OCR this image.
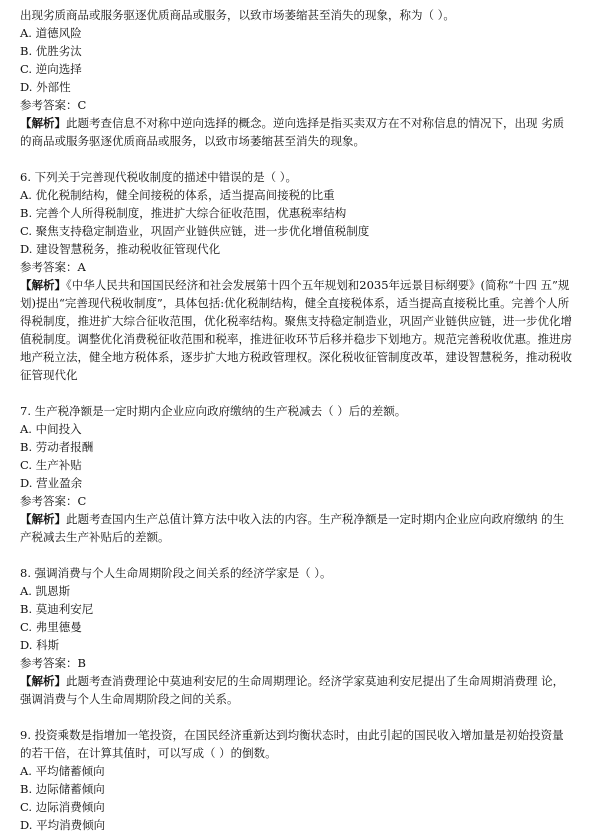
出现劣质商品或服务驱逐优质商品或服务，以致市场萎缩甚至消失的现象，称为（ ）。
A. 道德风险
B. 优胜劣汰
C. 逆向选择
D. 外部性
参考答案：C
【解析】此题考查信息不对称中逆向选择的概念。逆向选择是指买卖双方在不对称信息的情况下，出现 劣质的商品或服务驱逐优质商品或服务，以致市场萎缩甚至消失的现象。
6. 下列关于完善现代税收制度的描述中错误的是（ ）。
A. 优化税制结构，健全间接税的体系，适当提高间接税的比重
B. 完善个人所得税制度，推进扩大综合征收范围，优惠税率结构
C. 聚焦支持稳定制造业，巩固产业链供应链，进一步优化增值税制度
D. 建设智慧税务，推动税收征管现代化
参考答案：A
【解析】《中华人民共和国国民经济和社会发展第十四个五年规划和2035年远景目标纲要》(简称“十四 五”规划)提出“完善现代税收制度”，具体包括:优化税制结构，健全直接税体系，适当提高直接税比重。完善个人所得税制度，推进扩大综合征收范围，优化税率结构。聚焦支持稳定制造业，巩固产业链供应链，进一步优化增值税制度。调整优化消费税征收范围和税率，推进征收环节后移并稳步下划地方。规范完善税收优惠。推进房地产税立法，健全地方税体系，逐步扩大地方税政管理权。深化税收征管制度改革，建设智慧税务，推动税收征管现代化
7. 生产税净额是一定时期内企业应向政府缴纳的生产税减去（ ）后的差额。
A. 中间投入
B. 劳动者报酬
C. 生产补贴
D. 营业盈余
参考答案：C
【解析】此题考查国内生产总值计算方法中收入法的内容。生产税净额是一定时期内企业应向政府缴纳 的生产税减去生产补贴后的差额。
8. 强调消费与个人生命周期阶段之间关系的经济学家是（ ）。
A. 凯恩斯
B. 莫迪利安尼
C. 弗里德曼
D. 科斯
参考答案：B
【解析】此题考查消费理论中莫迪利安尼的生命周期理论。经济学家莫迪利安尼提出了生命周期消费理 论，强调消费与个人生命周期阶段之间的关系。
9. 投资乘数是指增加一笔投资，在国民经济重新达到均衡状态时，由此引起的国民收入增加量是初始投资量的若干倍，在计算其值时，可以写成（ ）的倒数。
A. 平均储蓄倾向
B. 边际储蓄倾向
C. 边际消费倾向
D. 平均消费倾向
